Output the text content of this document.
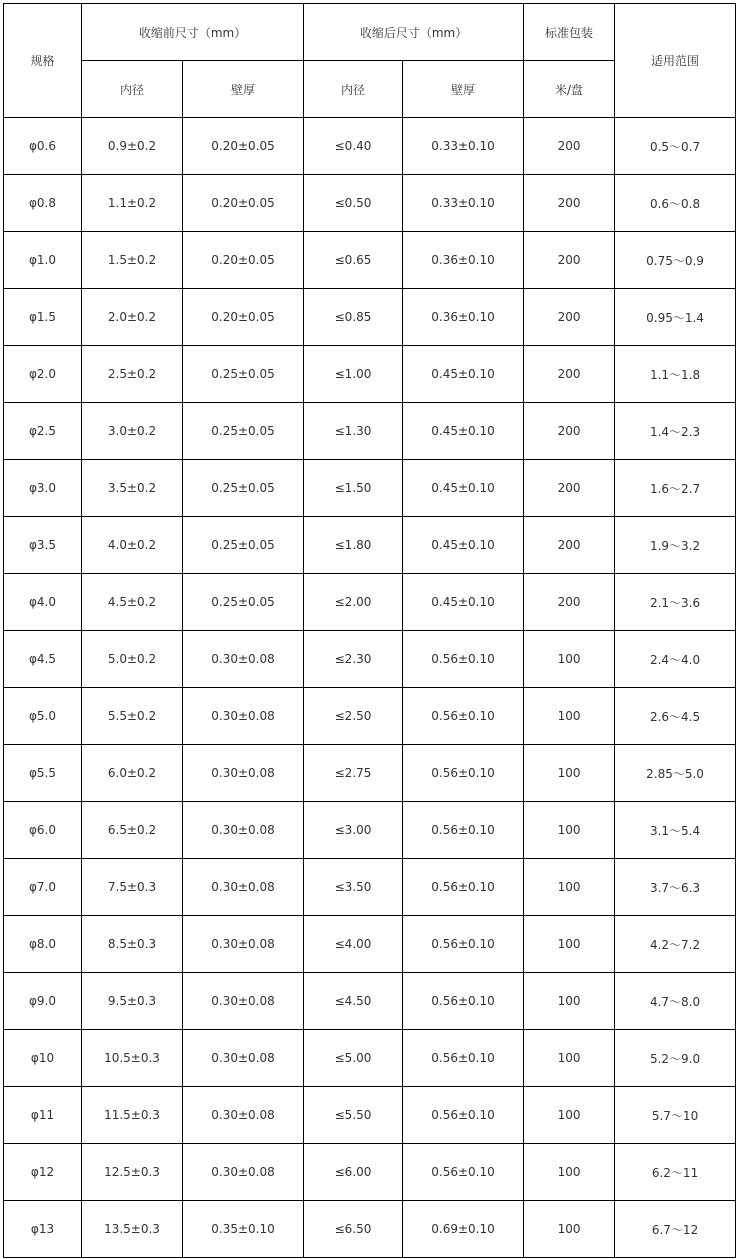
规格	收缩前尺寸（mm）		收缩后尺寸（mm）		标准包装	适用范围
	内径	壁厚	内径	壁厚	米/盘	
φ0.6	0.9±0.2	0.20±0.05	≤0.40	0.33±0.10	200	0.5～0.7
φ0.8	1.1±0.2	0.20±0.05	≤0.50	0.33±0.10	200	0.6～0.8
φ1.0	1.5±0.2	0.20±0.05	≤0.65	0.36±0.10	200	0.75～0.9
φ1.5	2.0±0.2	0.20±0.05	≤0.85	0.36±0.10	200	0.95～1.4
φ2.0	2.5±0.2	0.25±0.05	≤1.00	0.45±0.10	200	1.1～1.8
φ2.5	3.0±0.2	0.25±0.05	≤1.30	0.45±0.10	200	1.4～2.3
φ3.0	3.5±0.2	0.25±0.05	≤1.50	0.45±0.10	200	1.6～2.7
φ3.5	4.0±0.2	0.25±0.05	≤1.80	0.45±0.10	200	1.9～3.2
φ4.0	4.5±0.2	0.25±0.05	≤2.00	0.45±0.10	200	2.1～3.6
φ4.5	5.0±0.2	0.30±0.08	≤2.30	0.56±0.10	100	2.4～4.0
φ5.0	5.5±0.2	0.30±0.08	≤2.50	0.56±0.10	100	2.6～4.5
φ5.5	6.0±0.2	0.30±0.08	≤2.75	0.56±0.10	100	2.85～5.0
φ6.0	6.5±0.2	0.30±0.08	≤3.00	0.56±0.10	100	3.1～5.4
φ7.0	7.5±0.3	0.30±0.08	≤3.50	0.56±0.10	100	3.7～6.3
φ8.0	8.5±0.3	0.30±0.08	≤4.00	0.56±0.10	100	4.2～7.2
φ9.0	9.5±0.3	0.30±0.08	≤4.50	0.56±0.10	100	4.7～8.0
φ10	10.5±0.3	0.30±0.08	≤5.00	0.56±0.10	100	5.2～9.0
φ11	11.5±0.3	0.30±0.08	≤5.50	0.56±0.10	100	5.7～10
φ12	12.5±0.3	0.30±0.08	≤6.00	0.56±0.10	100	6.2～11
φ13	13.5±0.3	0.35±0.10	≤6.50	0.69±0.10	100	6.7～12
